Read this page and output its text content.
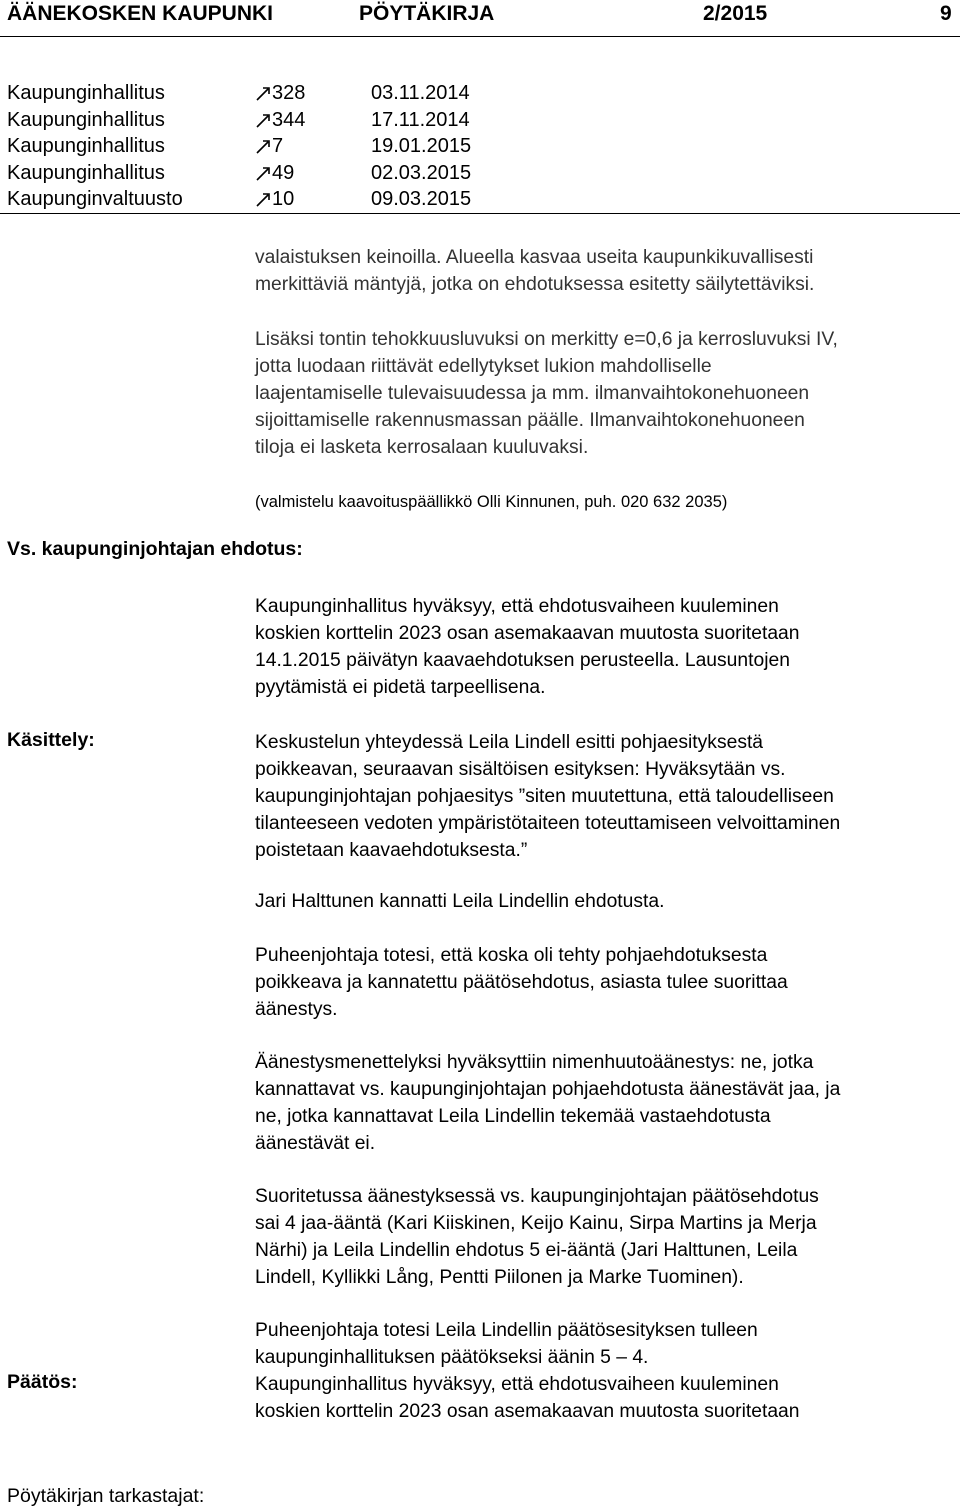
ÄÄNEKOSKEN KAUPUNKI	PÖYTÄKIRJA	2/2015	9
Kaupunginhallitus	328	03.11.2014
Kaupunginhallitus	344	17.11.2014
Kaupunginhallitus	7	19.01.2015
Kaupunginhallitus	49	02.03.2015
Kaupunginvaltuusto	10	09.03.2015
valaistuksen keinoilla. Alueella kasvaa useita kaupunkikuvallisesti
merkittäviä mäntyjä, jotka on ehdotuksessa esitetty säilytettäviksi.
Lisäksi tontin tehokkuusluvuksi on merkitty e=0,6 ja kerrosluvuksi IV,
jotta luodaan riittävät edellytykset lukion mahdolliselle
laajentamiselle tulevaisuudessa ja mm. ilmanvaihtokonehuoneen
sijoittamiselle rakennusmassan päälle. Ilmanvaihtokonehuoneen
tiloja ei lasketa kerrosalaan kuuluvaksi.
(valmistelu kaavoituspäällikkö Olli Kinnunen, puh. 020 632 2035)
Vs. kaupunginjohtajan ehdotus:
Kaupunginhallitus hyväksyy, että ehdotusvaiheen kuuleminen
koskien korttelin 2023 osan asemakaavan muutosta suoritetaan
14.1.2015 päivätyn kaavaehdotuksen perusteella. Lausuntojen
pyytämistä ei pidetä tarpeellisena.
Käsittely:	Keskustelun yhteydessä Leila Lindell esitti pohjaesityksestä
poikkeavan, seuraavan sisältöisen esityksen: Hyväksytään vs.
kaupunginjohtajan pohjaesitys ”siten muutettuna, että taloudelliseen
tilanteeseen vedoten ympäristötaiteen toteuttamiseen velvoittaminen
poistetaan kaavaehdotuksesta.”
Jari Halttunen kannatti Leila Lindellin ehdotusta.
Puheenjohtaja totesi, että koska oli tehty pohjaehdotuksesta
poikkeava ja kannatettu päätösehdotus, asiasta tulee suorittaa
äänestys.
Äänestysmenettelyksi hyväksyttiin nimenhuutoäänestys: ne, jotka
kannattavat vs. kaupunginjohtajan pohjaehdotusta äänestävät jaa, ja
ne, jotka kannattavat Leila Lindellin tekemää vastaehdotusta
äänestävät ei.
Suoritetussa äänestyksessä vs. kaupunginjohtajan päätösehdotus
sai 4 jaa-ääntä (Kari Kiiskinen, Keijo Kainu, Sirpa Martins ja Merja
Närhi) ja Leila Lindellin ehdotus 5 ei-ääntä (Jari Halttunen, Leila
Lindell, Kyllikki Lång, Pentti Piilonen ja Marke Tuominen).
Puheenjohtaja totesi Leila Lindellin päätösesityksen tulleen
kaupunginhallituksen päätökseksi äänin 5 – 4.
Päätös:	Kaupunginhallitus hyväksyy, että ehdotusvaiheen kuuleminen
koskien korttelin 2023 osan asemakaavan muutosta suoritetaan
Pöytäkirjan tarkastajat:
